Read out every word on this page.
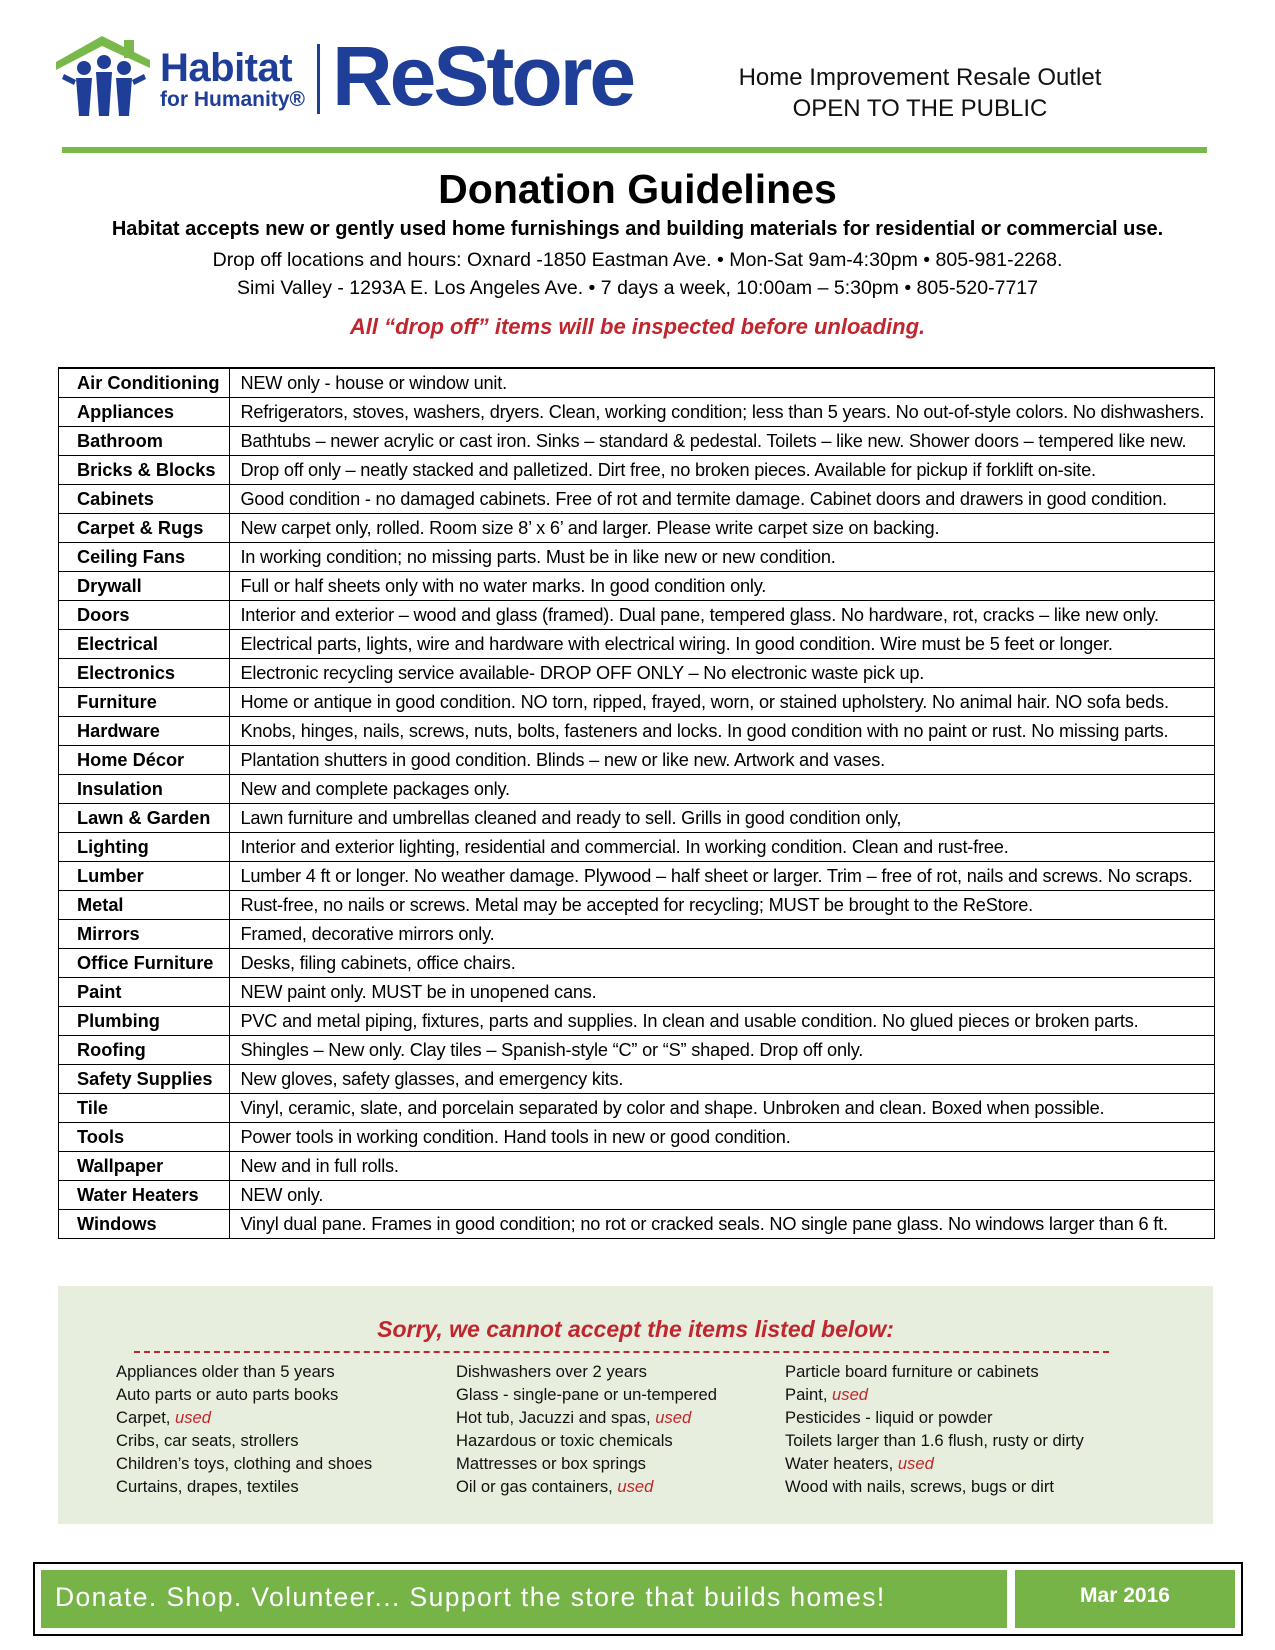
Habitat
for Humanity® ReStore	Home Improvement Resale Outlet
OPEN TO THE PUBLIC
Donation Guidelines
Habitat accepts new or gently used home furnishings and building materials for residential or commercial use.
Drop off locations and hours: Oxnard -1850 Eastman Ave. • Mon-Sat 9am-4:30pm • 805-981-2268.
Simi Valley - 1293A E. Los Angeles Ave. • 7 days a week, 10:00am – 5:30pm • 805-520-7717
All “drop off” items will be inspected before unloading.
Air Conditioning	NEW only - house or window unit.
Appliances	Refrigerators, stoves, washers, dryers. Clean, working condition; less than 5 years. No out-of-style colors. No dishwashers.
Bathroom	Bathtubs – newer acrylic or cast iron. Sinks – standard & pedestal. Toilets – like new. Shower doors – tempered like new.
Bricks & Blocks	Drop off only – neatly stacked and palletized. Dirt free, no broken pieces. Available for pickup if forklift on-site.
Cabinets	Good condition - no damaged cabinets. Free of rot and termite damage. Cabinet doors and drawers in good condition.
Carpet & Rugs	New carpet only, rolled. Room size 8’ x 6’ and larger. Please write carpet size on backing.
Ceiling Fans	In working condition; no missing parts. Must be in like new or new condition.
Drywall	Full or half sheets only with no water marks. In good condition only.
Doors	Interior and exterior – wood and glass (framed). Dual pane, tempered glass. No hardware, rot, cracks – like new only.
Electrical	Electrical parts, lights, wire and hardware with electrical wiring. In good condition. Wire must be 5 feet or longer.
Electronics	Electronic recycling service available- DROP OFF ONLY – No electronic waste pick up.
Furniture	Home or antique in good condition. NO torn, ripped, frayed, worn, or stained upholstery. No animal hair. NO sofa beds.
Hardware	Knobs, hinges, nails, screws, nuts, bolts, fasteners and locks. In good condition with no paint or rust. No missing parts.
Home Décor	Plantation shutters in good condition. Blinds – new or like new. Artwork and vases.
Insulation	New and complete packages only.
Lawn & Garden	Lawn furniture and umbrellas cleaned and ready to sell. Grills in good condition only,
Lighting	Interior and exterior lighting, residential and commercial. In working condition. Clean and rust-free.
Lumber	Lumber 4 ft or longer. No weather damage. Plywood – half sheet or larger. Trim – free of rot, nails and screws. No scraps.
Metal	Rust-free, no nails or screws. Metal may be accepted for recycling; MUST be brought to the ReStore.
Mirrors	Framed, decorative mirrors only.
Office Furniture	Desks, filing cabinets, office chairs.
Paint	NEW paint only. MUST be in unopened cans.
Plumbing	PVC and metal piping, fixtures, parts and supplies. In clean and usable condition. No glued pieces or broken parts.
Roofing	Shingles – New only. Clay tiles – Spanish-style “C” or “S” shaped. Drop off only.
Safety Supplies	New gloves, safety glasses, and emergency kits.
Tile	Vinyl, ceramic, slate, and porcelain separated by color and shape. Unbroken and clean. Boxed when possible.
Tools	Power tools in working condition. Hand tools in new or good condition.
Wallpaper	New and in full rolls.
Water Heaters	NEW only.
Windows	Vinyl dual pane. Frames in good condition; no rot or cracked seals. NO single pane glass. No windows larger than 6 ft.
Sorry, we cannot accept the items listed below:
Appliances older than 5 years
Auto parts or auto parts books
Carpet, used
Cribs, car seats, strollers
Children’s toys, clothing and shoes
Curtains, drapes, textiles
Dishwashers over 2 years
Glass - single-pane or un-tempered
Hot tub, Jacuzzi and spas, used
Hazardous or toxic chemicals
Mattresses or box springs
Oil or gas containers, used
Particle board furniture or cabinets
Paint, used
Pesticides - liquid or powder
Toilets larger than 1.6 flush, rusty or dirty
Water heaters, used
Wood with nails, screws, bugs or dirt
Donate. Shop. Volunteer... Support the store that builds homes!	Mar 2016
